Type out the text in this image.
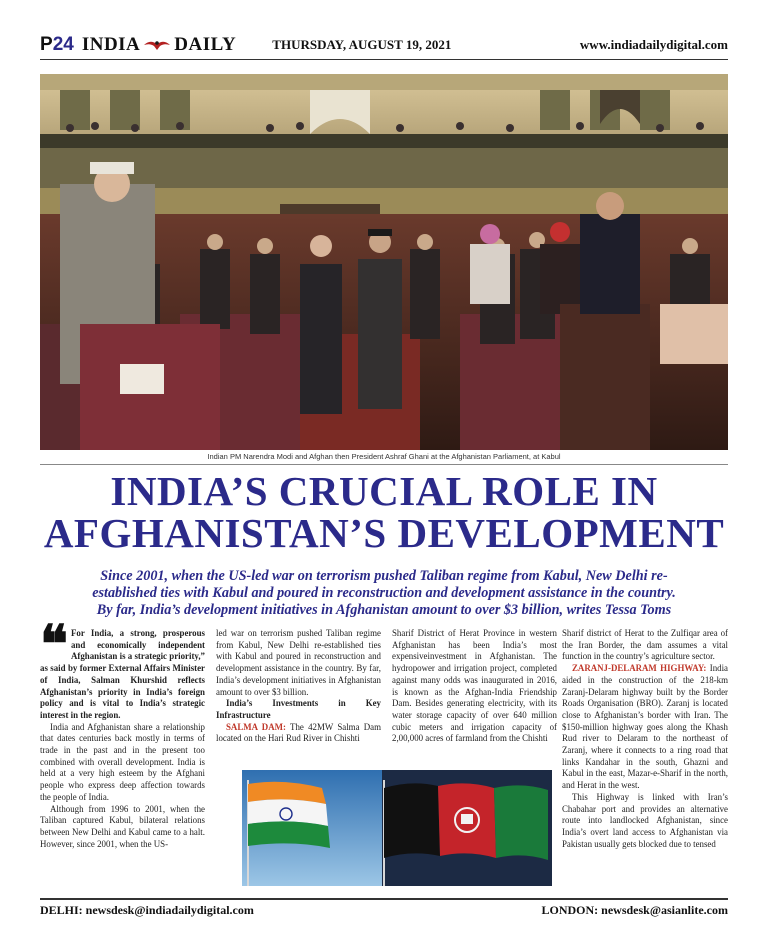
P24 INDIA DAILY	THURSDAY, AUGUST 19, 2021	www.indiadailydigital.com
Indian PM Narendra Modi and Afghan then President Ashraf Ghani at the Afghanistan Parliament, at Kabul
INDIA’S CRUCIAL ROLE IN
AFGHANISTAN’S DEVELOPMENT
Since 2001, when the US-led war on terrorism pushed Taliban regime from Kabul, New Delhi re-
established ties with Kabul and poured in reconstruction and development assistance in the country.
By far, India’s development initiatives in Afghanistan amount to over $3 billion, writes Tessa Toms

❝ For India, a strong, prosperous and economically independent Afghanistan is a strategic priority,” as said by former External Affairs Minister of India, Salman Khurshid reflects Afghanistan’s priority in India’s foreign policy and is vital to India’s strategic interest in the region.

India and Afghanistan share a relationship that dates centuries back mostly in terms of trade in the past and in the present too combined with overall development. India is held at a very high esteem by the Afghani people who express deep affection towards the people of India.

Although from 1996 to 2001, when the Taliban captured Kabul, bilateral relations between New Delhi and Kabul came to a halt. However, since 2001, when the US-

led war on terrorism pushed Taliban regime from Kabul, New Delhi re-established ties with Kabul and poured in reconstruction and development assistance in the country. By far, India’s development initiatives in Afghanistan amount to over $3 billion.

India’s Investments in Key Infrastructure

SALMA DAM: The 42MW Salma Dam located on the Hari Rud River in Chishti

Sharif District of Herat Province in western Afghanistan has been India’s most expensiveinvestment in Afghanistan. The hydropower and irrigation project, completed against many odds was inaugurated in 2016, is known as the Afghan-India Friendship Dam. Besides generating electricity, with its water storage capacity of over 640 million cubic meters and irrigation capacity of 2,00,000 acres of farmland from the Chishti

Sharif district of Herat to the Zulfiqar area of the Iran Border, the dam assumes a vital function in the country’s agriculture sector.

ZARANJ-DELARAM HIGHWAY: India aided in the construction of the 218-km Zaranj-Delaram highway built by the Border Roads Organisation (BRO). Zaranj is located close to Afghanistan’s border with Iran. The $150-million highway goes along the Khash Rud river to Delaram to the northeast of Zaranj, where it connects to a ring road that links Kandahar in the south, Ghazni and Kabul in the east, Mazar-e-Sharif in the north, and Herat in the west.

This Highway is linked with Iran’s Chabahar port and provides an alternative route into landlocked Afghanistan, since India’s overt land access to Afghanistan via Pakistan usually gets blocked due to tensed

DELHI: newsdesk@indiadailydigital.com	LONDON: newsdesk@asianlite.com
